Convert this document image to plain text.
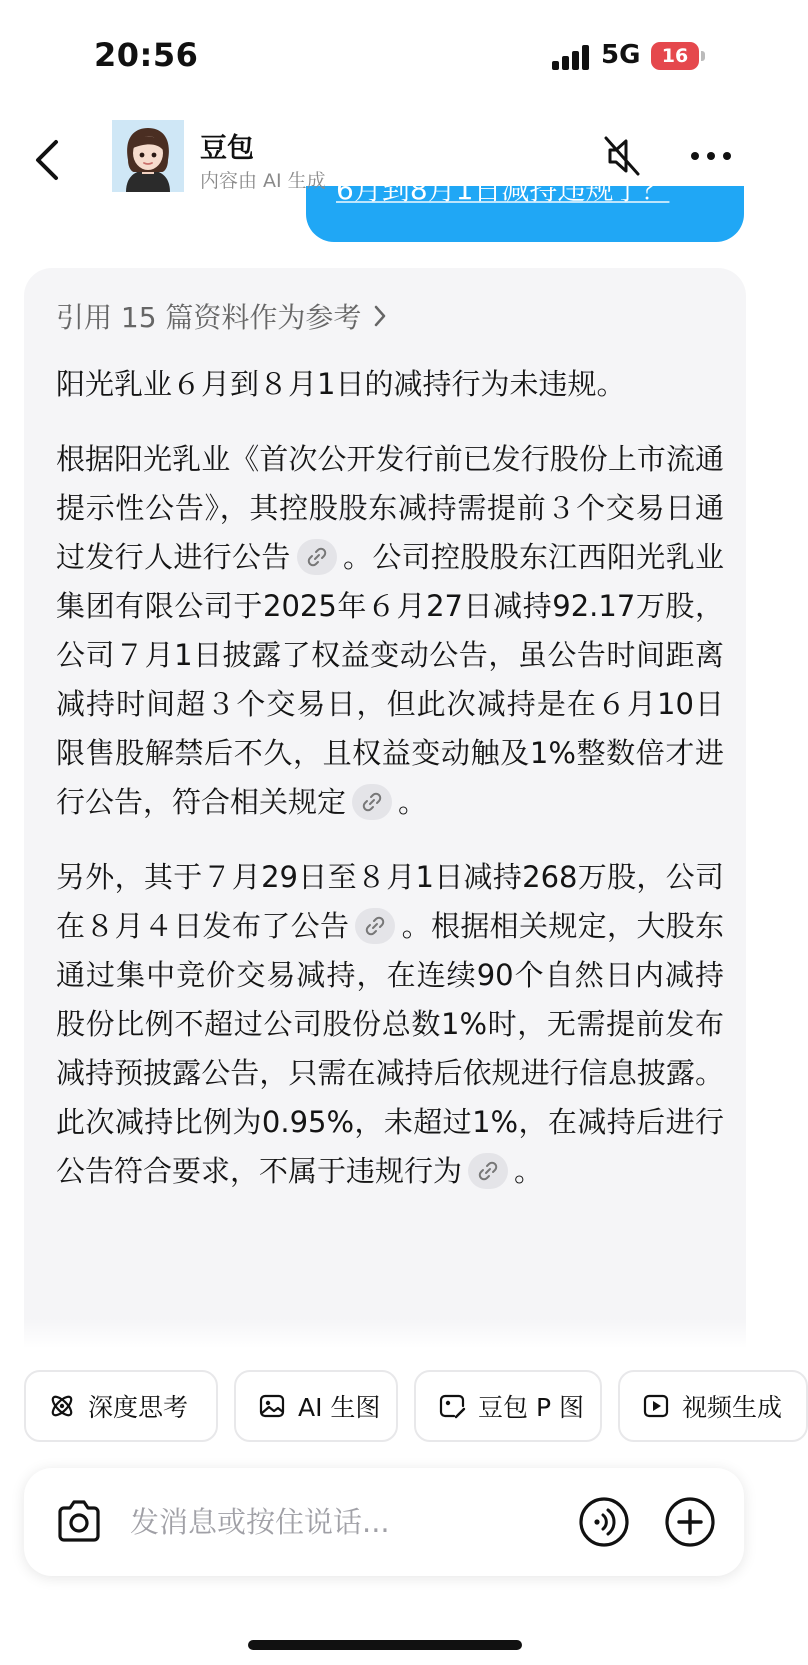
20:56	5G	16
6月到8月1日减持违规了？
豆包
内容由 AI 生成
引用 15 篇资料作为参考

阳光乳业６月到８月1日的减持行为未违规。

根据阳光乳业《首次公开发行前已发行股份上市流通提示性公告》，其控股股东减持需提前３个交易日通过发行人进行公告 。公司控股股东江西阳光乳业集团有限公司于2025年６月27日减持92.17万股，公司７月1日披露了权益变动公告，虽公告时间距离减持时间超３个交易日，但此次减持是在６月10日限售股解禁后不久，且权益变动触及1%整数倍才进行公告，符合相关规定 。

另外，其于７月29日至８月1日减持268万股，公司在８月４日发布了公告 。根据相关规定，大股东通过集中竞价交易减持，在连续90个自然日内减持股份比例不超过公司股份总数1%时，无需提前发布减持预披露公告，只需在减持后依规进行信息披露。此次减持比例为0.95%，未超过1%，在减持后进行公告符合要求，不属于违规行为 。

深度思考	AI 生图	豆包 P 图	视频生成
发消息或按住说话...
